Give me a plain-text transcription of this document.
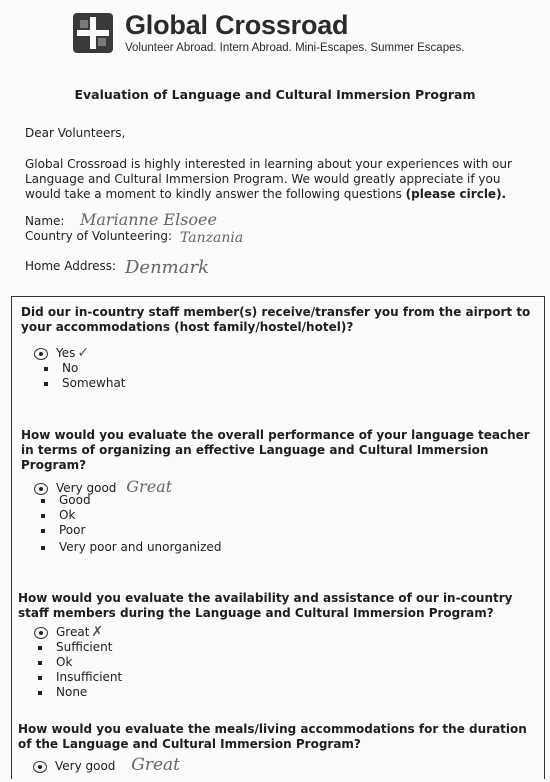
Global Crossroad
Volunteer Abroad. Intern Abroad. Mini-Escapes. Summer Escapes.
Evaluation of Language and Cultural Immersion Program
Dear Volunteers,
Global Crossroad is highly interested in learning about your experiences with our Language and Cultural Immersion Program. We would greatly appreciate if you would take a moment to kindly answer the following questions (please circle).
Name: Marianne Elsoee
Country of Volunteering: Tanzania
Home Address: Denmark
Did our in-country staff member(s) receive/transfer you from the airport to your accommodations (host family/hostel/hotel)?
Yes ✓
No
Somewhat
How would you evaluate the overall performance of your language teacher in terms of organizing an effective Language and Cultural Immersion Program?
Very good Great
Good
Ok
Poor
Very poor and unorganized
How would you evaluate the availability and assistance of our in-country staff members during the Language and Cultural Immersion Program?
Great ✗
Sufficient
Ok
Insufficient
None
How would you evaluate the meals/living accommodations for the duration of the Language and Cultural Immersion Program?
Very good Great
